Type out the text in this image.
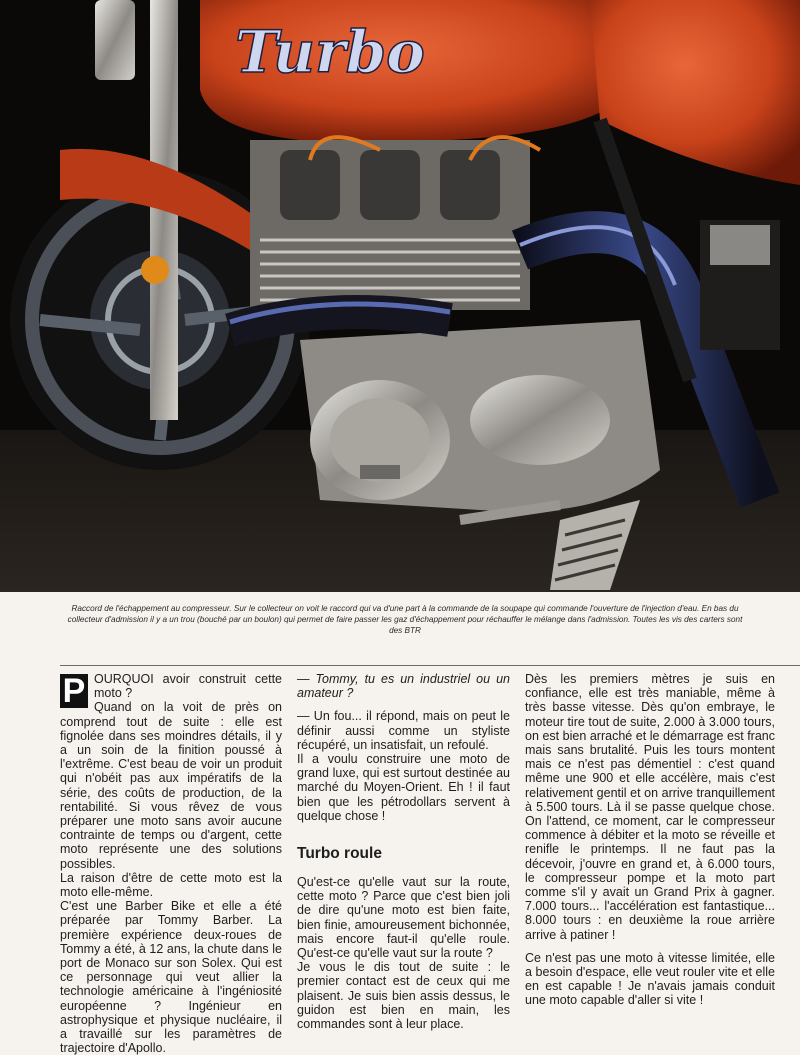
Turbo

Raccord de l'échappement au compresseur. Sur le collecteur on voit le raccord qui va d'une part à la commande de la soupape qui commande l'ouverture de l'injection d'eau. En bas du collecteur d'admission il y a un trou (bouché par un boulon) qui permet de faire passer les gaz d'échappement pour réchauffer le mélange dans l'admission. Toutes les vis des carters sont des BTR

P OURQUOI avoir construit cette moto ?
Quand on la voit de près on comprend tout de suite : elle est fignolée dans ses moindres détails, il y a un soin de la finition poussé à l'extrême. C'est beau de voir un produit qui n'obéit pas aux impératifs de la série, des coûts de production, de la rentabilité. Si vous rêvez de vous préparer une moto sans avoir aucune contrainte de temps ou d'argent, cette moto représente une des solutions possibles.
La raison d'être de cette moto est la moto elle-même.
C'est une Barber Bike et elle a été préparée par Tommy Barber. La première expérience deux-roues de Tommy a été, à 12 ans, la chute dans le port de Monaco sur son Solex. Qui est ce personnage qui veut allier la technologie américaine à l'ingéniosité européenne ? Ingénieur en astrophysique et physique nucléaire, il a travaillé sur les paramètres de trajectoire d'Apollo.
— Tommy, tu es un industriel ou un amateur ?
— Un fou... il répond, mais on peut le définir aussi comme un styliste récupéré, un insatisfait, un refoulé.
Il a voulu construire une moto de grand luxe, qui est surtout destinée au marché du Moyen-Orient. Eh ! il faut bien que les pétrodollars servent à quelque chose !
Turbo roule
Qu'est-ce qu'elle vaut sur la route, cette moto ? Parce que c'est bien joli de dire qu'une moto est bien faite, bien finie, amoureusement bichonnée, mais encore faut-il qu'elle roule. Qu'est-ce qu'elle vaut sur la route ?
Je vous le dis tout de suite : le premier contact est de ceux qui me plaisent. Je suis bien assis dessus, le guidon est bien en main, les commandes sont à leur place.
Dès les premiers mètres je suis en confiance, elle est très maniable, même à très basse vitesse. Dès qu'on embraye, le moteur tire tout de suite, 2.000 à 3.000 tours, on est bien arraché et le démarrage est franc mais sans brutalité. Puis les tours montent mais ce n'est pas démentiel : c'est quand même une 900 et elle accélère, mais c'est relativement gentil et on arrive tranquillement à 5.500 tours. Là il se passe quelque chose. On l'attend, ce moment, car le compresseur commence à débiter et la moto se réveille et renifle le printemps. Il ne faut pas la décevoir, j'ouvre en grand et, à 6.000 tours, le compresseur pompe et la moto part comme s'il y avait un Grand Prix à gagner. 7.000 tours... l'accélération est fantastique... 8.000 tours : en deuxième la roue arrière arrive à patiner !
Ce n'est pas une moto à vitesse limitée, elle a besoin d'espace, elle veut rouler vite et elle en est capable ! Je n'avais jamais conduit une moto capable d'aller si vite !
